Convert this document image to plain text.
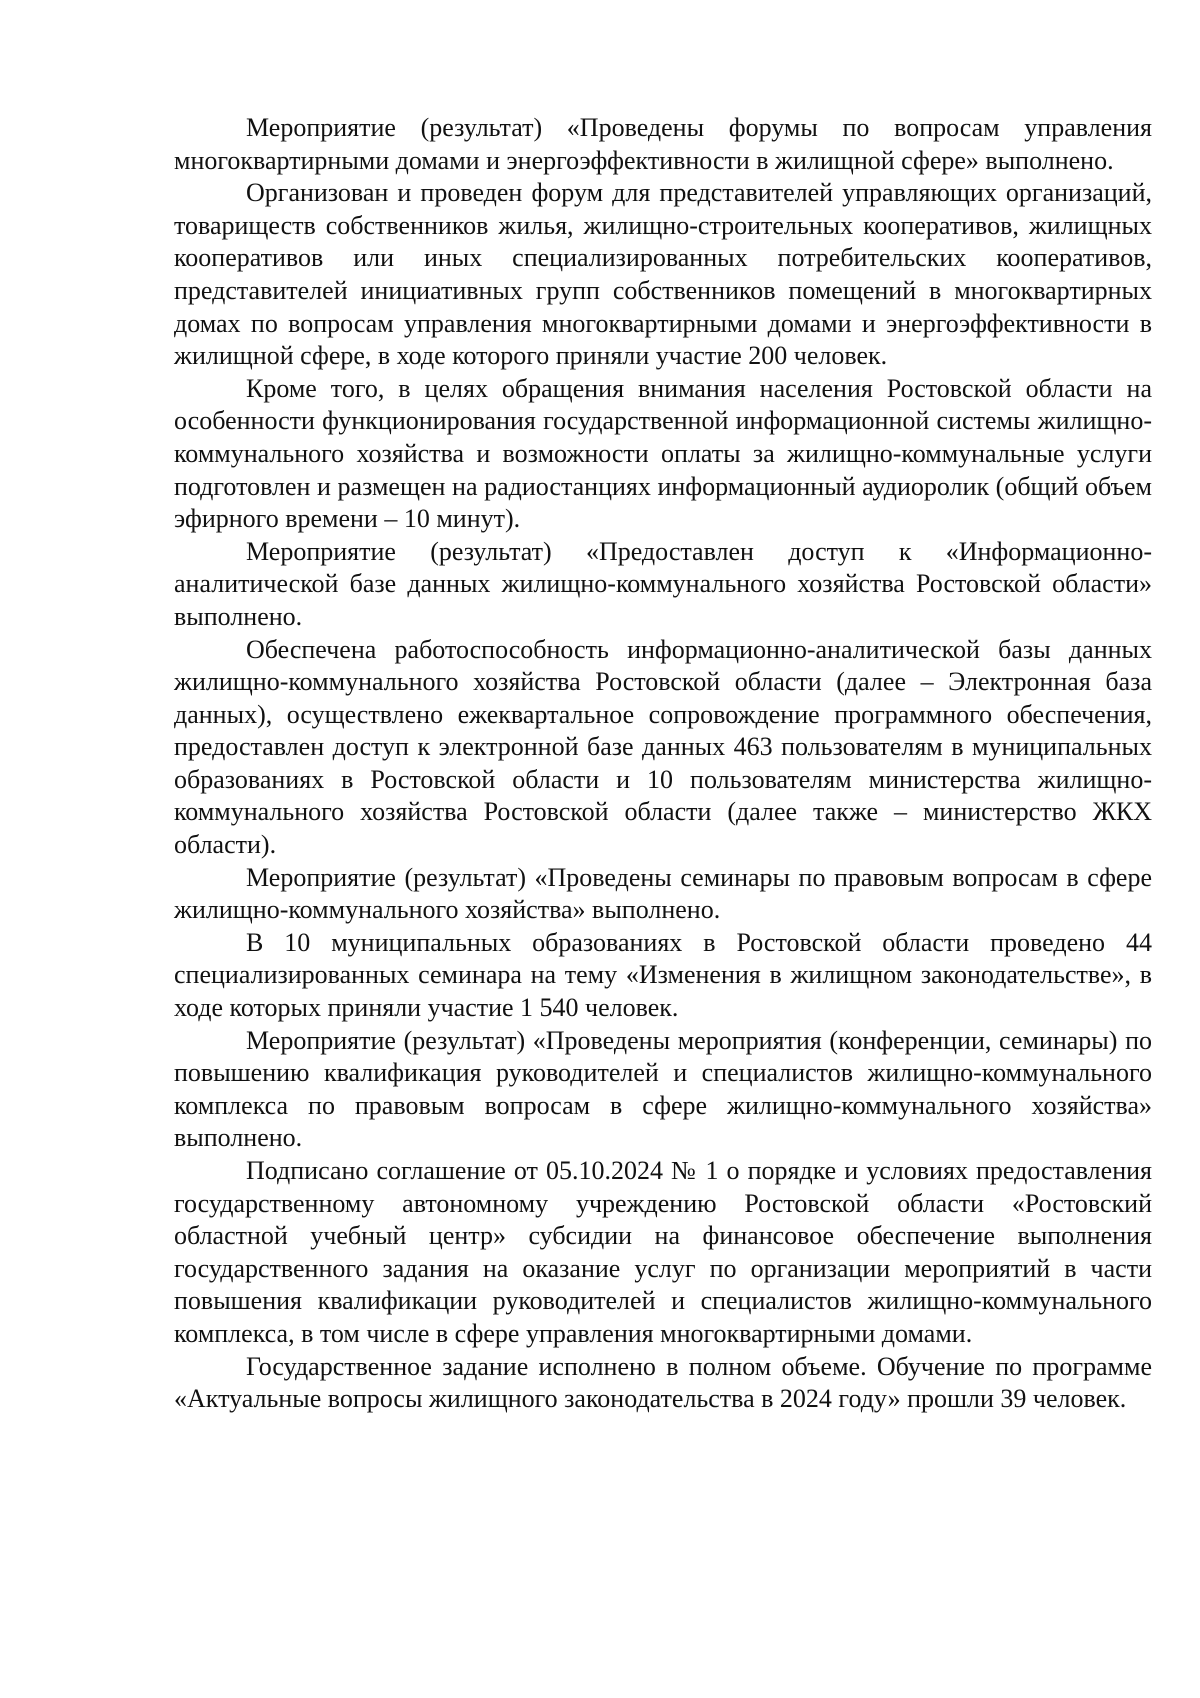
Мероприятие (результат) «Проведены форумы по вопросам управления многоквартирными домами и энергоэффективности в жилищной сфере» выполнено.

Организован и проведен форум для представителей управляющих организаций, товариществ собственников жилья, жилищно-строительных кооперативов, жилищных кооперативов или иных специализированных потребительских кооперативов, представителей инициативных групп собственников помещений в многоквартирных домах по вопросам управления многоквартирными домами и энергоэффективности в жилищной сфере, в ходе которого приняли участие 200 человек.

Кроме того, в целях обращения внимания населения Ростовской области на особенности функционирования государственной информационной системы жилищно-коммунального хозяйства и возможности оплаты за жилищно-коммунальные услуги подготовлен и размещен на радиостанциях информационный аудиоролик (общий объем эфирного времени – 10 минут).

Мероприятие (результат) «Предоставлен доступ к «Информационно-аналитической базе данных жилищно-коммунального хозяйства Ростовской области» выполнено.

Обеспечена работоспособность информационно-аналитической базы данных жилищно-коммунального хозяйства Ростовской области (далее – Электронная база данных), осуществлено ежеквартальное сопровождение программного обеспечения, предоставлен доступ к электронной базе данных 463 пользователям в муниципальных образованиях в Ростовской области и 10 пользователям министерства жилищно-коммунального хозяйства Ростовской области (далее также – министерство ЖКХ области).

Мероприятие (результат) «Проведены семинары по правовым вопросам в сфере жилищно-коммунального хозяйства» выполнено.

В 10 муниципальных образованиях в Ростовской области проведено 44 специализированных семинара на тему «Изменения в жилищном законодательстве», в ходе которых приняли участие 1 540 человек.

Мероприятие (результат) «Проведены мероприятия (конференции, семинары) по повышению квалификация руководителей и специалистов жилищно-коммунального комплекса по правовым вопросам в сфере жилищно-коммунального хозяйства» выполнено.

Подписано соглашение от 05.10.2024 № 1 о порядке и условиях предоставления государственному автономному учреждению Ростовской области «Ростовский областной учебный центр» субсидии на финансовое обеспечение выполнения государственного задания на оказание услуг по организации мероприятий в части повышения квалификации руководителей и специалистов жилищно-коммунального комплекса, в том числе в сфере управления многоквартирными домами.

Государственное задание исполнено в полном объеме. Обучение по программе «Актуальные вопросы жилищного законодательства в 2024 году» прошли 39 человек.
